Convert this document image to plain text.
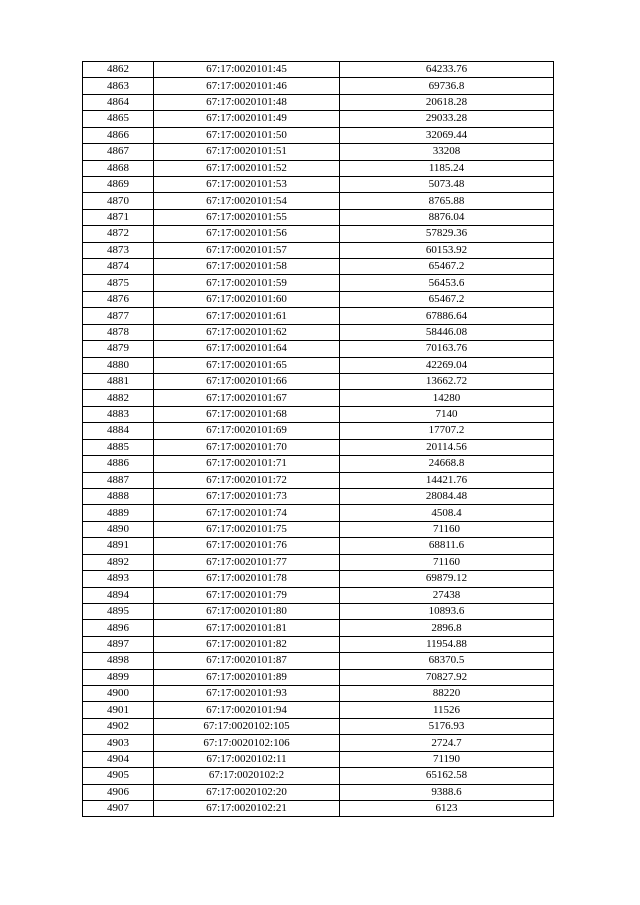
4862	67:17:0020101:45	64233.76
4863	67:17:0020101:46	69736.8
4864	67:17:0020101:48	20618.28
4865	67:17:0020101:49	29033.28
4866	67:17:0020101:50	32069.44
4867	67:17:0020101:51	33208
4868	67:17:0020101:52	1185.24
4869	67:17:0020101:53	5073.48
4870	67:17:0020101:54	8765.88
4871	67:17:0020101:55	8876.04
4872	67:17:0020101:56	57829.36
4873	67:17:0020101:57	60153.92
4874	67:17:0020101:58	65467.2
4875	67:17:0020101:59	56453.6
4876	67:17:0020101:60	65467.2
4877	67:17:0020101:61	67886.64
4878	67:17:0020101:62	58446.08
4879	67:17:0020101:64	70163.76
4880	67:17:0020101:65	42269.04
4881	67:17:0020101:66	13662.72
4882	67:17:0020101:67	14280
4883	67:17:0020101:68	7140
4884	67:17:0020101:69	17707.2
4885	67:17:0020101:70	20114.56
4886	67:17:0020101:71	24668.8
4887	67:17:0020101:72	14421.76
4888	67:17:0020101:73	28084.48
4889	67:17:0020101:74	4508.4
4890	67:17:0020101:75	71160
4891	67:17:0020101:76	68811.6
4892	67:17:0020101:77	71160
4893	67:17:0020101:78	69879.12
4894	67:17:0020101:79	27438
4895	67:17:0020101:80	10893.6
4896	67:17:0020101:81	2896.8
4897	67:17:0020101:82	11954.88
4898	67:17:0020101:87	68370.5
4899	67:17:0020101:89	70827.92
4900	67:17:0020101:93	88220
4901	67:17:0020101:94	11526
4902	67:17:0020102:105	5176.93
4903	67:17:0020102:106	2724.7
4904	67:17:0020102:11	71190
4905	67:17:0020102:2	65162.58
4906	67:17:0020102:20	9388.6
4907	67:17:0020102:21	6123
